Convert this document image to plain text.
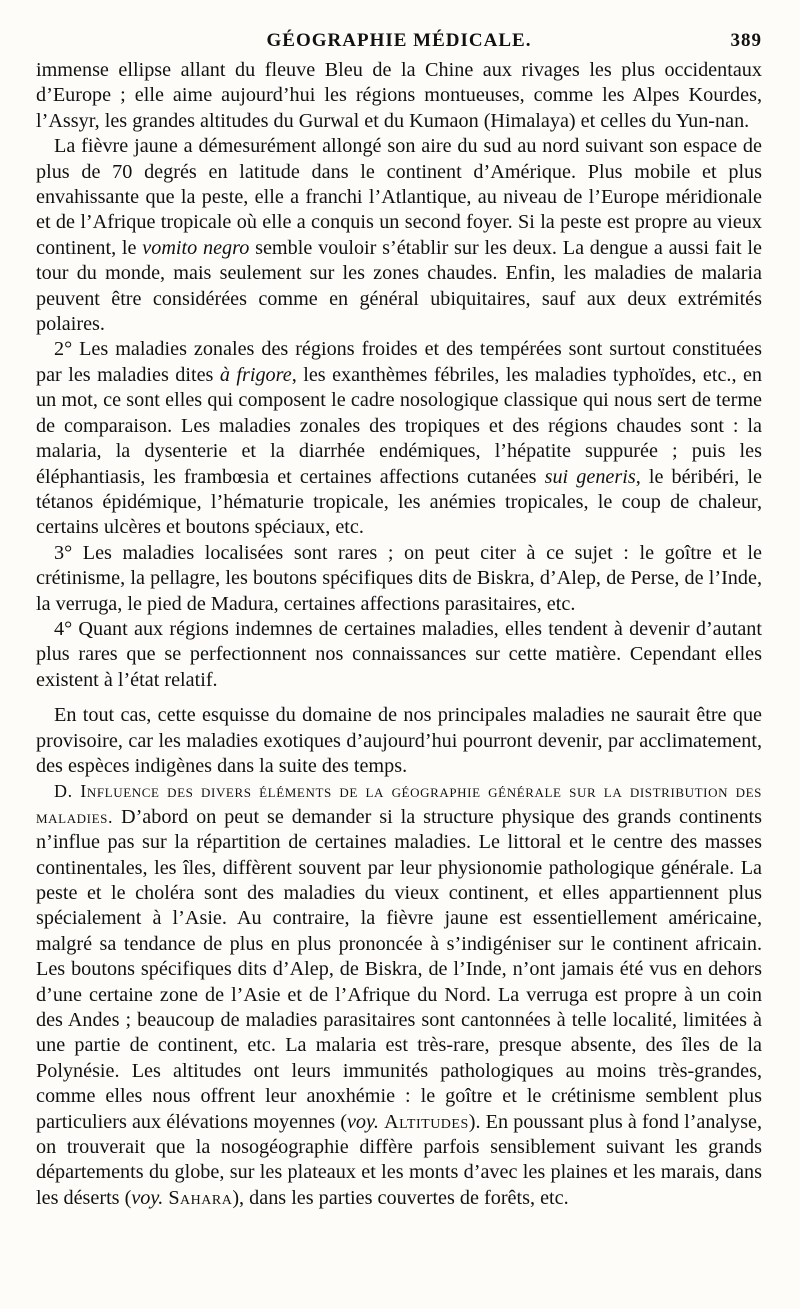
GÉOGRAPHIE MÉDICALE.	389

immense ellipse allant du fleuve Bleu de la Chine aux rivages les plus occidentaux d’Europe ; elle aime aujourd’hui les régions montueuses, comme les Alpes Kourdes, l’Assyr, les grandes altitudes du Gurwal et du Kumaon (Himalaya) et celles du Yun-nan.

La fièvre jaune a démesurément allongé son aire du sud au nord suivant son espace de plus de 70 degrés en latitude dans le continent d’Amérique. Plus mobile et plus envahissante que la peste, elle a franchi l’Atlantique, au niveau de l’Europe méridionale et de l’Afrique tropicale où elle a conquis un second foyer. Si la peste est propre au vieux continent, le vomito negro semble vouloir s’établir sur les deux. La dengue a aussi fait le tour du monde, mais seulement sur les zones chaudes. Enfin, les maladies de malaria peuvent être considérées comme en général ubiquitaires, sauf aux deux extrémités polaires.

2° Les maladies zonales des régions froides et des tempérées sont surtout constituées par les maladies dites à frigore, les exanthèmes fébriles, les maladies typhoïdes, etc., en un mot, ce sont elles qui composent le cadre nosologique classique qui nous sert de terme de comparaison. Les maladies zonales des tropiques et des régions chaudes sont : la malaria, la dysenterie et la diarrhée endémiques, l’hépatite suppurée ; puis les éléphantiasis, les frambœsia et certaines affections cutanées sui generis, le béribéri, le tétanos épidémique, l’hématurie tropicale, les anémies tropicales, le coup de chaleur, certains ulcères et boutons spéciaux, etc.

3° Les maladies localisées sont rares ; on peut citer à ce sujet : le goître et le crétinisme, la pellagre, les boutons spécifiques dits de Biskra, d’Alep, de Perse, de l’Inde, la verruga, le pied de Madura, certaines affections parasitaires, etc.

4° Quant aux régions indemnes de certaines maladies, elles tendent à devenir d’autant plus rares que se perfectionnent nos connaissances sur cette matière. Cependant elles existent à l’état relatif.

En tout cas, cette esquisse du domaine de nos principales maladies ne saurait être que provisoire, car les maladies exotiques d’aujourd’hui pourront devenir, par acclimatement, des espèces indigènes dans la suite des temps.

D. Influence des divers éléments de la géographie générale sur la distribution des maladies. D’abord on peut se demander si la structure physique des grands continents n’influe pas sur la répartition de certaines maladies. Le littoral et le centre des masses continentales, les îles, diffèrent souvent par leur physionomie pathologique générale. La peste et le choléra sont des maladies du vieux continent, et elles appartiennent plus spécialement à l’Asie. Au contraire, la fièvre jaune est essentiellement américaine, malgré sa tendance de plus en plus prononcée à s’indigéniser sur le continent africain. Les boutons spécifiques dits d’Alep, de Biskra, de l’Inde, n’ont jamais été vus en dehors d’une certaine zone de l’Asie et de l’Afrique du Nord. La verruga est propre à un coin des Andes ; beaucoup de maladies parasitaires sont cantonnées à telle localité, limitées à une partie de continent, etc. La malaria est très-rare, presque absente, des îles de la Polynésie. Les altitudes ont leurs immunités pathologiques au moins très-grandes, comme elles nous offrent leur anoxhémie : le goître et le crétinisme semblent plus particuliers aux élévations moyennes (voy. Altitudes). En poussant plus à fond l’analyse, on trouverait que la nosogéographie diffère parfois sensiblement suivant les grands départements du globe, sur les plateaux et les monts d’avec les plaines et les marais, dans les déserts (voy. Sahara), dans les parties couvertes de forêts, etc.
